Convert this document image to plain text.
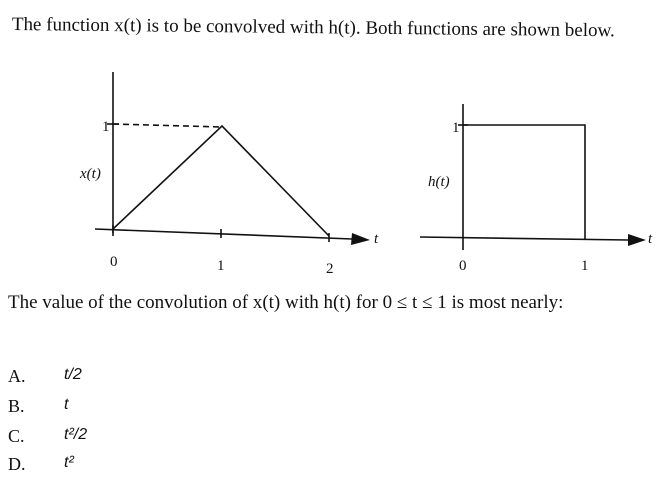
The function x(t) is to be convolved with h(t). Both functions are shown below.
1
x(t)
0	1	2
t
1
h(t)
0	1
t
The value of the convolution of x(t) with h(t) for 0 ≤ t ≤ 1 is most nearly:
A. t/2
B. t
C. t²/2
D. t²
